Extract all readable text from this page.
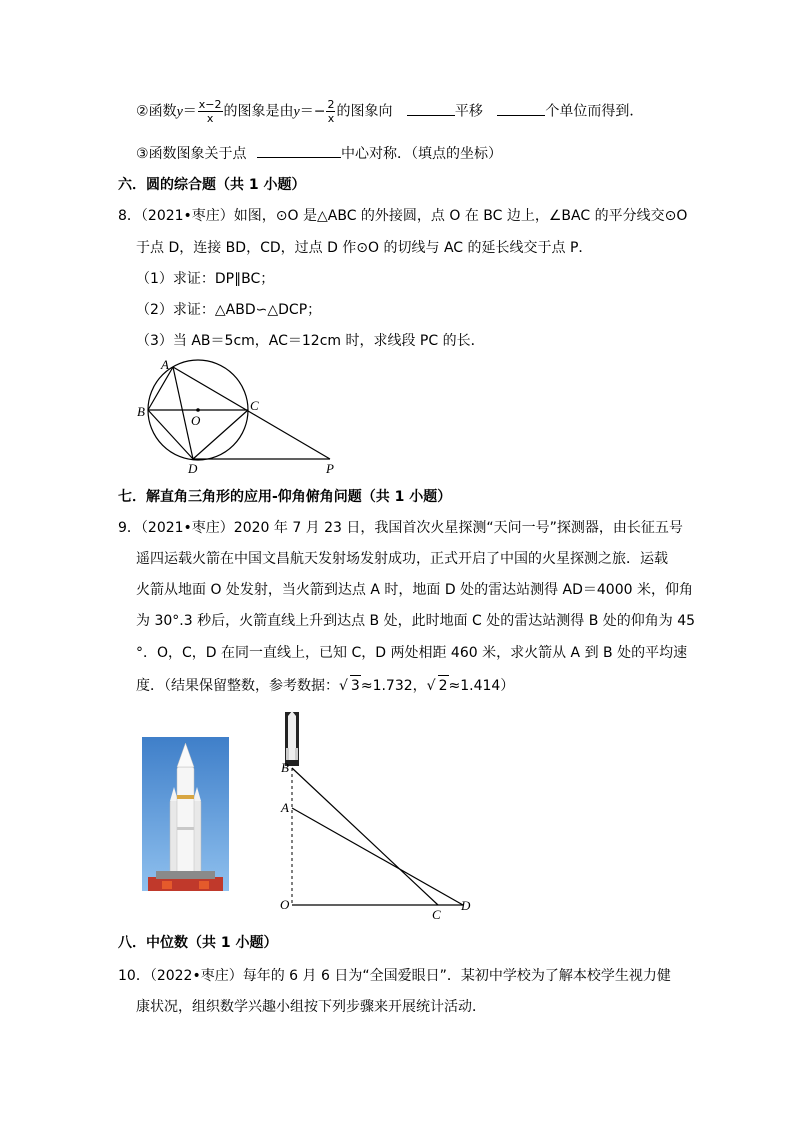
②函数$y= \frac{x-2}{x}$ 的图象是由$y=- \frac{2}{x}$ 的图象向	平移	个单位而得到．
③函数图象关于点	中心对称．（填点的坐标）
六．圆的综合题（共 1 小题）
8．（2021•枣庄）如图，⊙O 是△ABC 的外接圆，点 O 在 BC 边上，∠BAC 的平分线交⊙O
于点 D，连接 BD，CD，过点 D 作⊙O 的切线与 AC 的延长线交于点 P．
（1）求证：DP∥BC；
（2）求证：△ABD∽△DCP；
（3）当 AB＝5cm，AC＝12cm 时，求线段 PC 的长．
A
B	C
O
D	P
七．解直角三角形的应用-仰角俯角问题（共 1 小题）
9．（2021•枣庄）2020 年 7 月 23 日，我国首次火星探测“天问一号”探测器，由长征五号
遥四运载火箭在中国文昌航天发射场发射成功，正式开启了中国的火星探测之旅．运载
火箭从地面 O 处发射，当火箭到达点 A 时，地面 D 处的雷达站测得 AD＝4000 米，仰角
为 30°.3 秒后，火箭直线上升到达点 B 处，此时地面 C 处的雷达站测得 B 处的仰角为 45
°．O，C，D 在同一直线上，已知 C，D 两处相距 460 米，求火箭从 A 到 B 处的平均速
度．（结果保留整数，参考数据：√ 3≈1.732，√ 2≈1.414）
B
A
O
C
D
八．中位数（共 1 小题）
10．（2022•枣庄）每年的 6 月 6 日为“全国爱眼日”．某初中学校为了解本校学生视力健
康状况，组织数学兴趣小组按下列步骤来开展统计活动．
